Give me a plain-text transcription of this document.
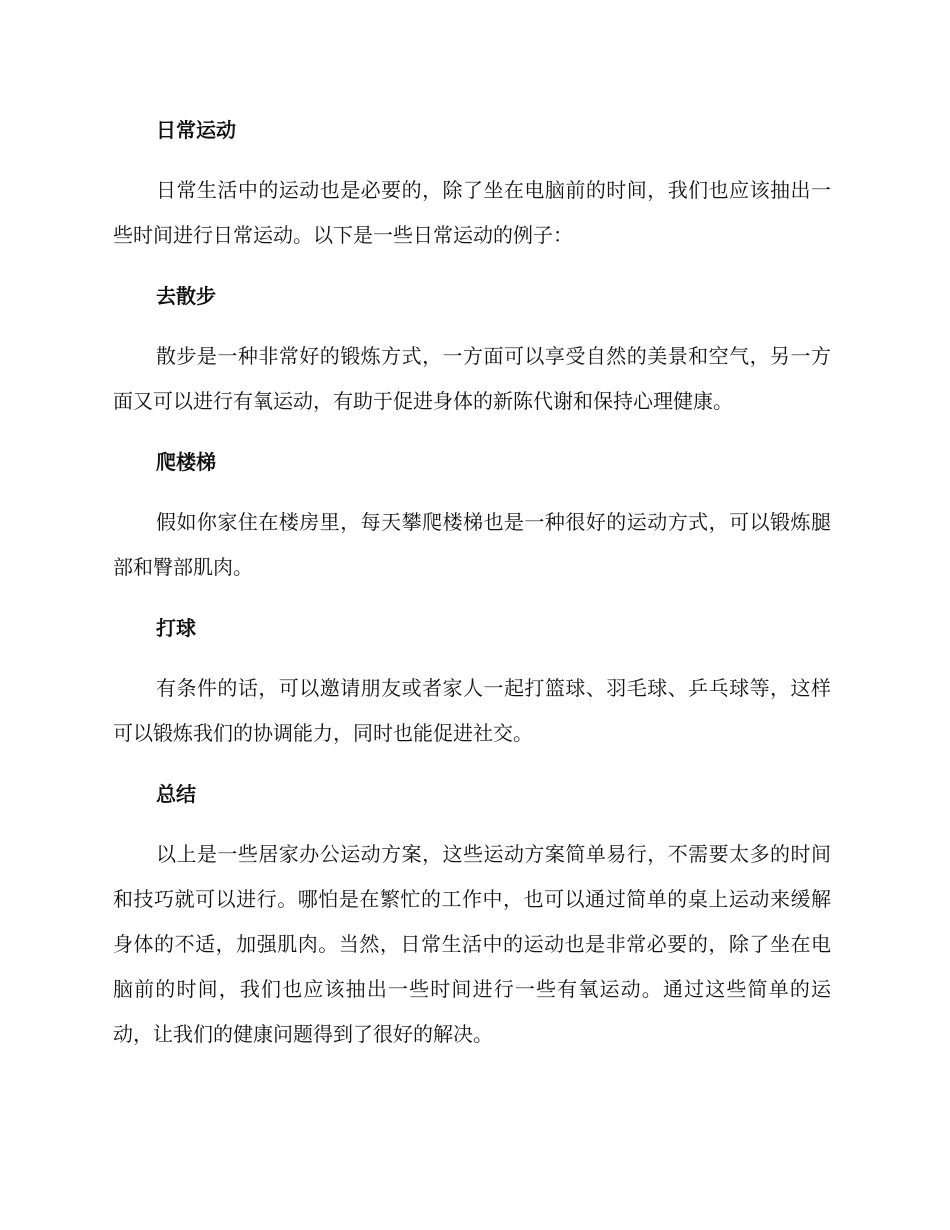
日常运动

日常生活中的运动也是必要的，除了坐在电脑前的时间，我们也应该抽出一些时间进行日常运动。以下是一些日常运动的例子：

去散步

散步是一种非常好的锻炼方式，一方面可以享受自然的美景和空气，另一方面又可以进行有氧运动，有助于促进身体的新陈代谢和保持心理健康。

爬楼梯

假如你家住在楼房里，每天攀爬楼梯也是一种很好的运动方式，可以锻炼腿部和臀部肌肉。

打球

有条件的话，可以邀请朋友或者家人一起打篮球、羽毛球、乒乓球等，这样可以锻炼我们的协调能力，同时也能促进社交。

总结

以上是一些居家办公运动方案，这些运动方案简单易行，不需要太多的时间和技巧就可以进行。哪怕是在繁忙的工作中，也可以通过简单的桌上运动来缓解身体的不适，加强肌肉。当然，日常生活中的运动也是非常必要的，除了坐在电脑前的时间，我们也应该抽出一些时间进行一些有氧运动。通过这些简单的运动，让我们的健康问题得到了很好的解决。
